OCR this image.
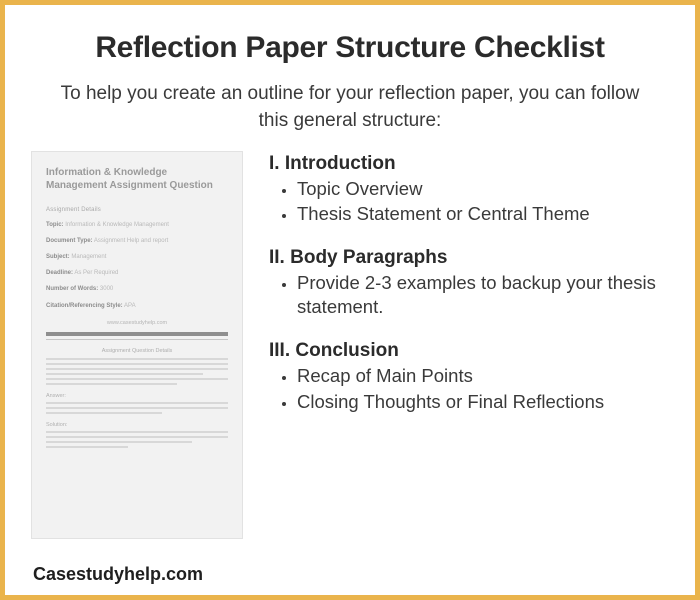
Reflection Paper Structure Checklist
To help you create an outline for your reflection paper, you can follow this general structure:
Information & Knowledge Management Assignment Question
Assignment Details
Topic: Information & Knowledge Management
Document Type: Assignment Help and report
Subject: Management
Deadline: As Per Required
Number of Words: 3000
Citation/Referencing Style: APA
www.casestudyhelp.com
Assignment Question Details
Answer:
Solution:
I. Introduction
• Topic Overview
• Thesis Statement or Central Theme
II. Body Paragraphs
• Provide 2-3 examples to backup your thesis statement.
III. Conclusion
• Recap of Main Points
• Closing Thoughts or Final Reflections
Casestudyhelp.com
